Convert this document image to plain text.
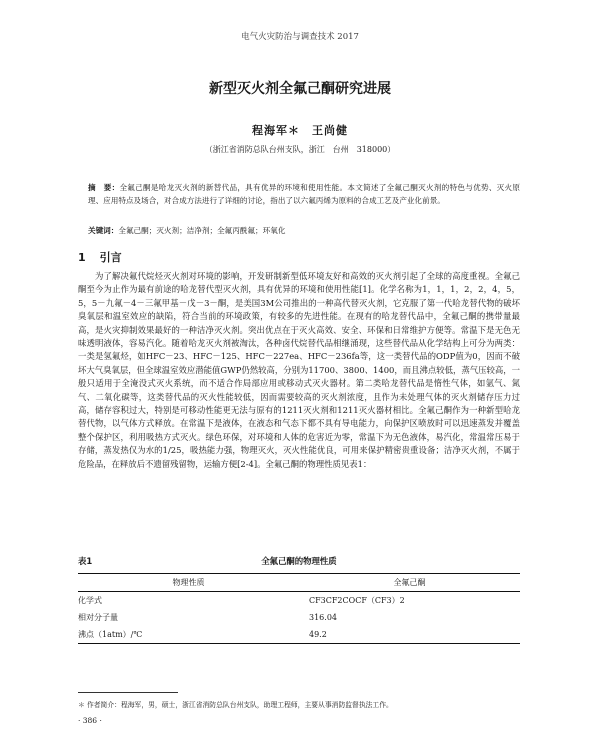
电气火灾防治与调查技术 2017
新型灭火剂全氟己酮研究进展
程海军＊　王尚健
（浙江省消防总队台州支队，浙江　台州　318000）
摘　要：全氟己酮是哈龙灭火剂的新替代品，具有优异的环境和使用性能。本文简述了全氟己酮灭火剂的特色与优势、灭火原理、应用特点及场合，对合成方法进行了详细的讨论，指出了以六氟丙烯为原料的合成工艺及产业化前景。
关键词：全氟己酮；灭火剂；洁净剂；全氟丙酰氟；环氧化
1 引言

为了解决氟代烷烃灭火剂对环境的影响，开发研制新型低环境友好和高效的灭火剂引起了全球的高度重视。全氟己酮至今为止作为最有前途的哈龙替代型灭火剂，具有优异的环境和使用性能[1]。化学名称为1，1，1，2，2，4，5，5，5－九氟－4－三氟甲基－戊－3－酮，是美国3M公司推出的一种高代替灭火剂，它克服了第一代哈龙替代物的破坏臭氧层和温室效应的缺陷，符合当前的环境政策，有较多的先进性能。在现有的哈龙替代品中，全氟己酮的携带量最高，是火灾抑制效果最好的一种洁净灭火剂。突出优点在于灭火高效、安全、环保和日常维护方便等。常温下是无色无味透明液体，容易汽化。随着哈龙灭火剂被淘汰，各种卤代烷替代品相继涌现，这些替代品从化学结构上可分为两类：一类是氢氟烃，如HFC－23、HFC－125、HFC－227ea、HFC－236fa等，这一类替代品的ODP值为0，因而不破坏大气臭氧层，但全球温室效应潜能值GWP仍然较高，分别为11700、3800、1400，而且沸点较低，蒸气压较高，一般只适用于全淹没式灭火系统，而不适合作局部应用或移动式灭火器材。第二类哈龙替代品是惰性气体，如氩气、氮气、二氧化碳等，这类替代品的灭火性能较低，因而需要较高的灭火剂浓度，且作为未处理气体的灭火剂储存压力过高，储存容积过大，特别是可移动性能更无法与原有的1211灭火剂和1211灭火器材相比。全氟己酮作为一种新型哈龙替代物，以气体方式释放。在常温下是液体，在液态和气态下都不具有导电能力，向保护区喷放时可以迅速蒸发并覆盖整个保护区，利用吸热方式灭火。绿色环保，对环境和人体的危害近为零，常温下为无色液体，易汽化，常温常压易于存储，蒸发热仅为水的1/25，吸热能力强，物理灭火，灭火性能优良，可用来保护精密贵重设备；洁净灭火剂，不属于危险品，在释放后不遗留残留物，运输方便[2-4]。全氟己酮的物理性质见表1：

表1	全氟己酮的物理性质
物理性质	全氟己酮
化学式	CF3CF2COCF（CF3）2
相对分子量	316.04
沸点（1atm）/℃	49.2
＊ 作者简介：程海军，男，硕士，浙江省消防总队台州支队，助理工程师，主要从事消防监督执法工作。
· 386 ·
